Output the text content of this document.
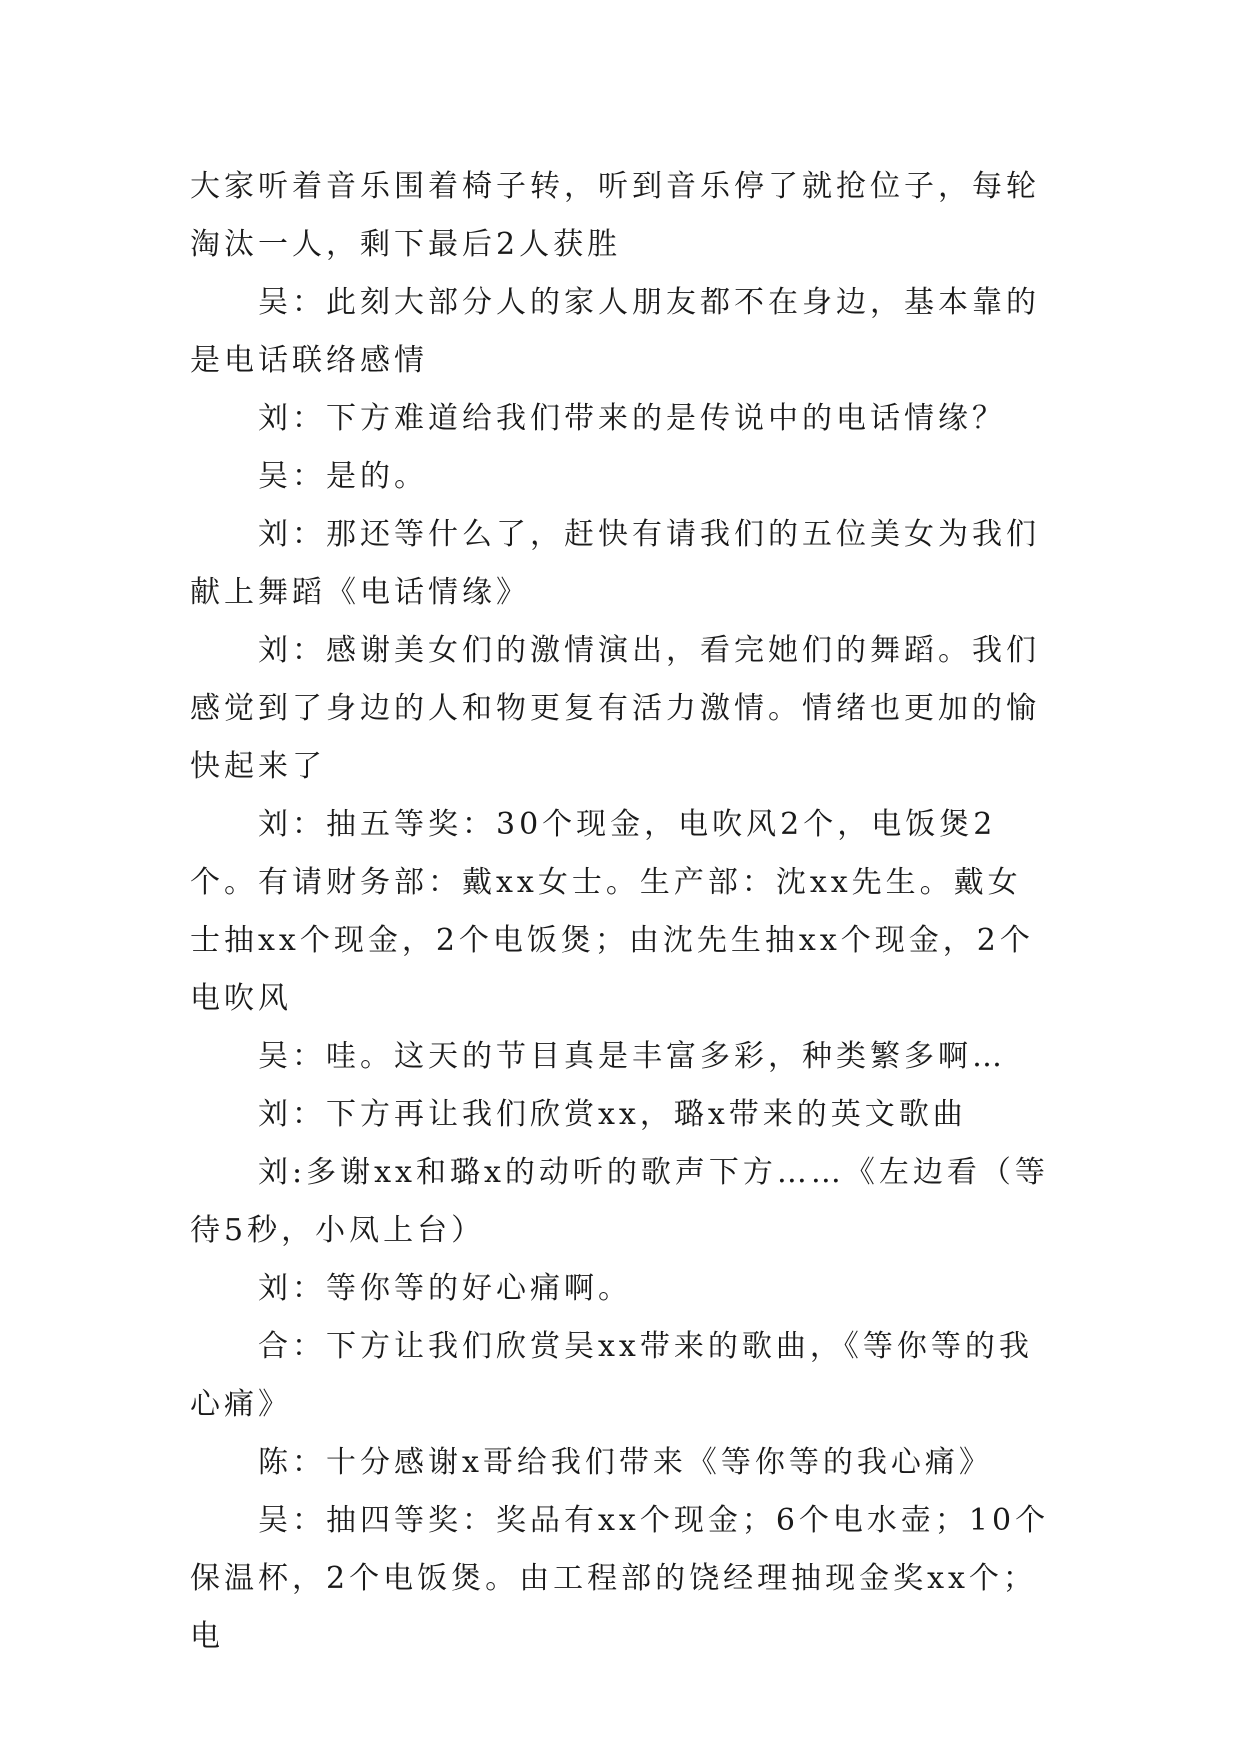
大家听着音乐围着椅子转，听到音乐停了就抢位子，每轮淘汰一人，剩下最后2人获胜

吴：此刻大部分人的家人朋友都不在身边，基本靠的是电话联络感情

刘：下方难道给我们带来的是传说中的电话情缘？

吴：是的。

刘：那还等什么了，赶快有请我们的五位美女为我们献上舞蹈《电话情缘》

刘：感谢美女们的激情演出，看完她们的舞蹈。我们感觉到了身边的人和物更复有活力激情。情绪也更加的愉快起来了

刘：抽五等奖：30个现金，电吹风2个，电饭煲2个。有请财务部：戴xx女士。生产部：沈xx先生。戴女士抽xx个现金，2个电饭煲；由沈先生抽xx个现金，2个电吹风

吴：哇。这天的节目真是丰富多彩，种类繁多啊…

刘：下方再让我们欣赏xx，璐x带来的英文歌曲

刘:多谢xx和璐x的动听的歌声下方……《左边看（等待5秒，小凤上台）

刘：等你等的好心痛啊。

合：下方让我们欣赏吴xx带来的歌曲，《等你等的我心痛》

陈：十分感谢x哥给我们带来《等你等的我心痛》

吴：抽四等奖：奖品有xx个现金；6个电水壶；10个保温杯，2个电饭煲。由工程部的饶经理抽现金奖xx个；电
